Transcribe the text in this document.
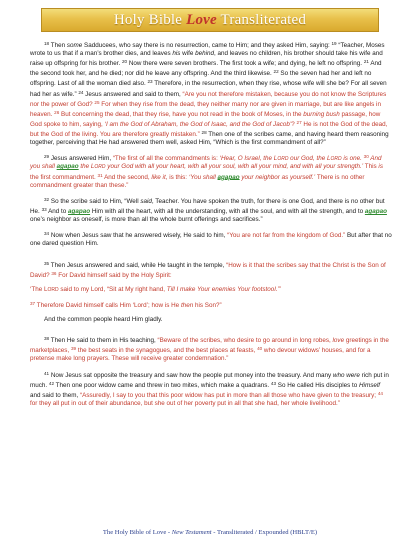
Holy Bible Love Transliterated

$^{18}$ Then some Sadducees, who say there is no resurrection, came to Him; and they asked Him, saying: $^{19}$ “Teacher, Moses wrote to us that if a man’s brother dies, and leaves his wife behind, and leaves no children, his brother should take his wife and raise up offspring for his brother. $^{20}$ Now there were seven brothers. The first took a wife; and dying, he left no offspring. $^{21}$ And the second took her, and he died; nor did he leave any offspring. And the third likewise. $^{22}$ So the seven had her and left no offspring. Last of all the woman died also. $^{23}$ Therefore, in the resurrection, when they rise, whose wife will she be? For all seven had her as wife.” $^{24}$ Jesus answered and said to them, “Are you not therefore mistaken, because you do not know the Scriptures nor the power of God? $^{25}$ For when they rise from the dead, they neither marry nor are given in marriage, but are like angels in heaven. $^{26}$ But concerning the dead, that they rise, have you not read in the book of Moses, in the burning bush passage, how God spoke to him, saying, ‘I am the God of Abraham, the God of Isaac, and the God of Jacob’? $^{27}$ He is not the God of the dead, but the God of the living. You are therefore greatly mistaken.” $^{28}$ Then one of the scribes came, and having heard them reasoning together, perceiving that He had answered them well, asked Him, “Which is the first commandment of all?”

$^{29}$ Jesus answered Him, “The first of all the commandments is: ‘Hear, O Israel, the LORD our God, the LORD is one. $^{30}$ And you shall agapao the LORD your God with all your heart, with all your soul, with all your mind, and with all your strength.’ This is the first commandment. $^{31}$ And the second, like it, is this: ‘You shall agapao your neighbor as yourself.’ There is no other commandment greater than these.”

$^{32}$ So the scribe said to Him, “Well said, Teacher. You have spoken the truth, for there is one God, and there is no other but He. $^{33}$ And to agapao Him with all the heart, with all the understanding, with all the soul, and with all the strength, and to agapao one’s neighbor as oneself, is more than all the whole burnt offerings and sacrifices.”

$^{34}$ Now when Jesus saw that he answered wisely, He said to him, “You are not far from the kingdom of God.” But after that no one dared question Him.

$^{35}$ Then Jesus answered and said, while He taught in the temple, “How is it that the scribes say that the Christ is the Son of David? $^{36}$ For David himself said by the Holy Spirit:

‘The LORD said to my Lord, “Sit at My right hand, Till I make Your enemies Your footstool.”’

$^{37}$ Therefore David himself calls Him ‘Lord’; how is He then his Son?”

And the common people heard Him gladly.

$^{38}$ Then He said to them in His teaching, “Beware of the scribes, who desire to go around in long robes, love greetings in the marketplaces, $^{39}$ the best seats in the synagogues, and the best places at feasts, $^{40}$ who devour widows’ houses, and for a pretense make long prayers. These will receive greater condemnation.”

$^{41}$ Now Jesus sat opposite the treasury and saw how the people put money into the treasury. And many who were rich put in much. $^{42}$ Then one poor widow came and threw in two mites, which make a quadrans. $^{43}$ So He called His disciples to Himself and said to them, “Assuredly, I say to you that this poor widow has put in more than all those who have given to the treasury; $^{44}$ for they all put in out of their abundance, but she out of her poverty put in all that she had, her whole livelihood.”

The Holy Bible of Love - New Testament - Transliterated / Expounded (HBLT/E)
